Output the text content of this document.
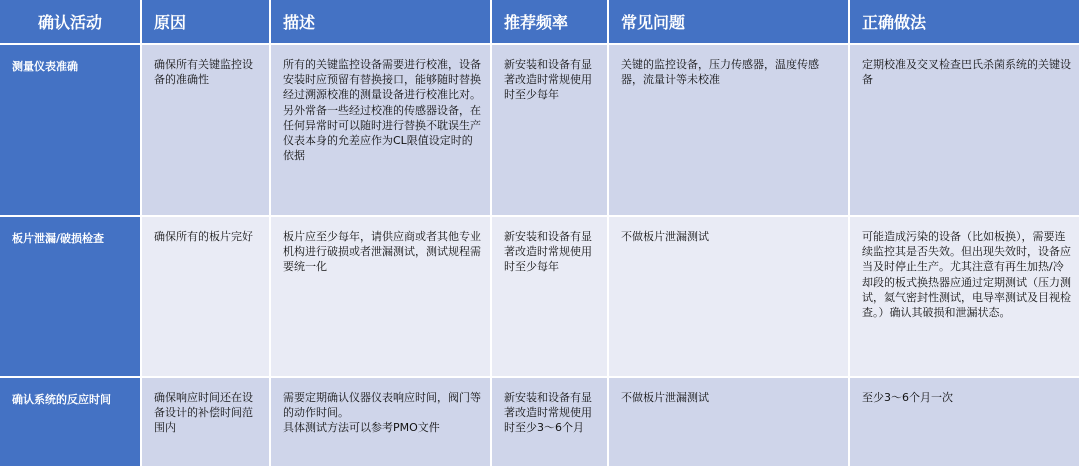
确认活动	原因	描述	推荐频率	常见问题	正确做法
测量仪表准确	确保所有关键监控设备的准确性	所有的关键监控设备需要进行校准，设备安装时应预留有替换接口，能够随时替换经过溯源校准的测量设备进行校准比对。
另外常备一些经过校准的传感器设备，在任何异常时可以随时进行替换不耽误生产
仪表本身的允差应作为CL限值设定时的依据	新安装和设备有显著改造时常规使用时至少每年	关键的监控设备，压力传感器，温度传感器，流量计等未校准	定期校准及交叉检查巴氏杀菌系统的关键设备
板片泄漏/破损检查	确保所有的板片完好	板片应至少每年，请供应商或者其他专业机构进行破损或者泄漏测试，测试规程需要统一化	新安装和设备有显著改造时常规使用时至少每年	不做板片泄漏测试	可能造成污染的设备（比如板换），需要连续监控其是否失效。但出现失效时，设备应当及时停止生产。尤其注意有再生加热/冷却段的板式换热器应通过定期测试（压力测试，氦气密封性测试，电导率测试及目视检查。）确认其破损和泄漏状态。
确认系统的反应时间	确保响应时间还在设备设计的补偿时间范围内	需要定期确认仪器仪表响应时间，阀门等的动作时间。
具体测试方法可以参考PMO文件	新安装和设备有显著改造时常规使用时至少3～6个月	不做板片泄漏测试	至少3～6个月一次
